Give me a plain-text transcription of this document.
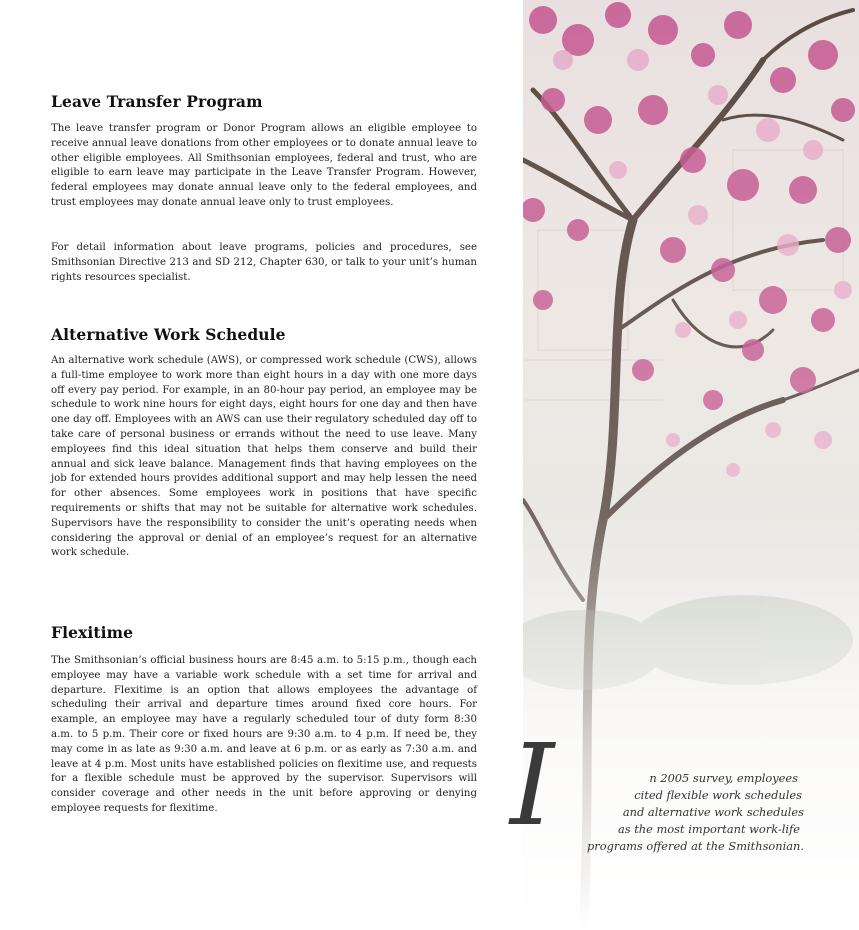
Leave Transfer Program

The leave transfer program or Donor Program allows an eligible employee to receive annual leave donations from other employees or to donate annual leave to other eligible employees. All Smithsonian employees, federal and trust, who are eligible to earn leave may participate in the Leave Transfer Program. However, federal employees may donate annual leave only to the federal employees, and trust employees may donate annual leave only to trust employees.

For detail information about leave programs, policies and procedures, see Smithsonian Directive 213 and SD 212, Chapter 630, or talk to your unit’s human rights resources specialist.

Alternative Work Schedule

An alternative work schedule (AWS), or compressed work schedule (CWS), allows a full-time employee to work more than eight hours in a day with one more days off every pay period. For example, in an 80-hour pay period, an employee may be schedule to work nine hours for eight days, eight hours for one day and then have one day off. Employees with an AWS can use their regulatory scheduled day off to take care of personal business or errands without the need to use leave. Many employees find this ideal situation that helps them conserve and build their annual and sick leave balance. Management finds that having employees on the job for extended hours provides additional support and may help lessen the need for other absences. Some employees work in positions that have specific requirements or shifts that may not be suitable for alternative work schedules. Supervisors have the responsibility to consider the unit’s operating needs when considering the approval or denial of an employee’s request for an alternative work schedule.

Flexitime

The Smithsonian’s official business hours are 8:45 a.m. to 5:15 p.m., though each employee may have a variable work schedule with a set time for arrival and departure. Flexitime is an option that allows employees the advantage of scheduling their arrival and departure times around fixed core hours. For example, an employee may have a regularly scheduled tour of duty form 8:30 a.m. to 5 p.m. Their core or fixed hours are 9:30 a.m. to 4 p.m. If need be, they may come in as late as 9:30 a.m. and leave at 6 p.m. or as early as 7:30 a.m. and leave at 4 p.m. Most units have established policies on flexitime use, and requests for a flexible schedule must be approved by the supervisor. Supervisors will consider coverage and other needs in the unit before approving or denying employee requests for flexitime.	I	n 2005 survey, employees
cited flexible work schedules
and alternative work schedules
as the most important work-life
programs offered at the Smithsonian.
